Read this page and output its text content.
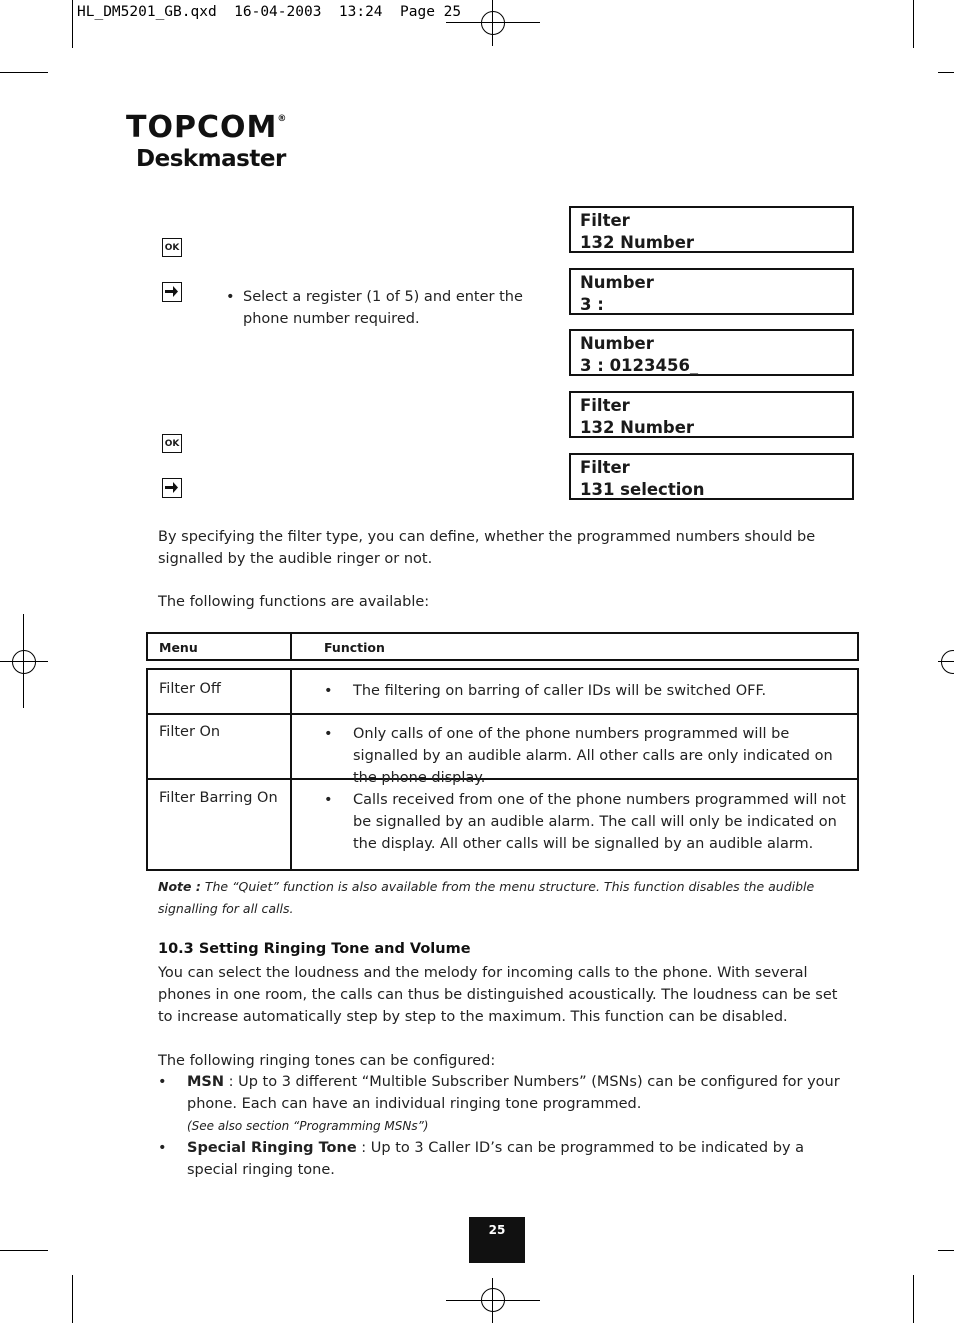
HL_DM5201_GB.qxd  16-04-2003  13:24  Page 25
TOPCOM®
Deskmaster
OK
OK
• Select a register (1 of 5) and enter the phone number required.
Filter
132 Number
Number
3 :
Number
3 : 0123456_
Filter
132 Number
Filter
131 selection
By specifying the filter type, you can define, whether the programmed numbers should be signalled by the audible ringer or not.
The following functions are available:
Menu	Function
Filter Off	• The filtering on barring of caller IDs will be switched OFF.
Filter On	• Only calls of one of the phone numbers programmed will be signalled by an audible alarm. All other calls are only indicated on the phone display.
Filter Barring On	• Calls received from one of the phone numbers programmed will not be signalled by an audible alarm. The call will only be indicated on the display. All other calls will be signalled by an audible alarm.
Note : The “Quiet” function is also available from the menu structure. This function disables the audible signalling for all calls.
10.3 Setting Ringing Tone and Volume
You can select the loudness and the melody for incoming calls to the phone. With several phones in one room, the calls can thus be distinguished acoustically. The loudness can be set to increase automatically step by step to the maximum. This function can be disabled.
The following ringing tones can be configured:
• MSN : Up to 3 different “Multible Subscriber Numbers” (MSNs) can be configured for your phone. Each can have an individual ringing tone programmed.
(See also section “Programming MSNs”)
• Special Ringing Tone : Up to 3 Caller ID’s can be programmed to be indicated by a special ringing tone.
25
